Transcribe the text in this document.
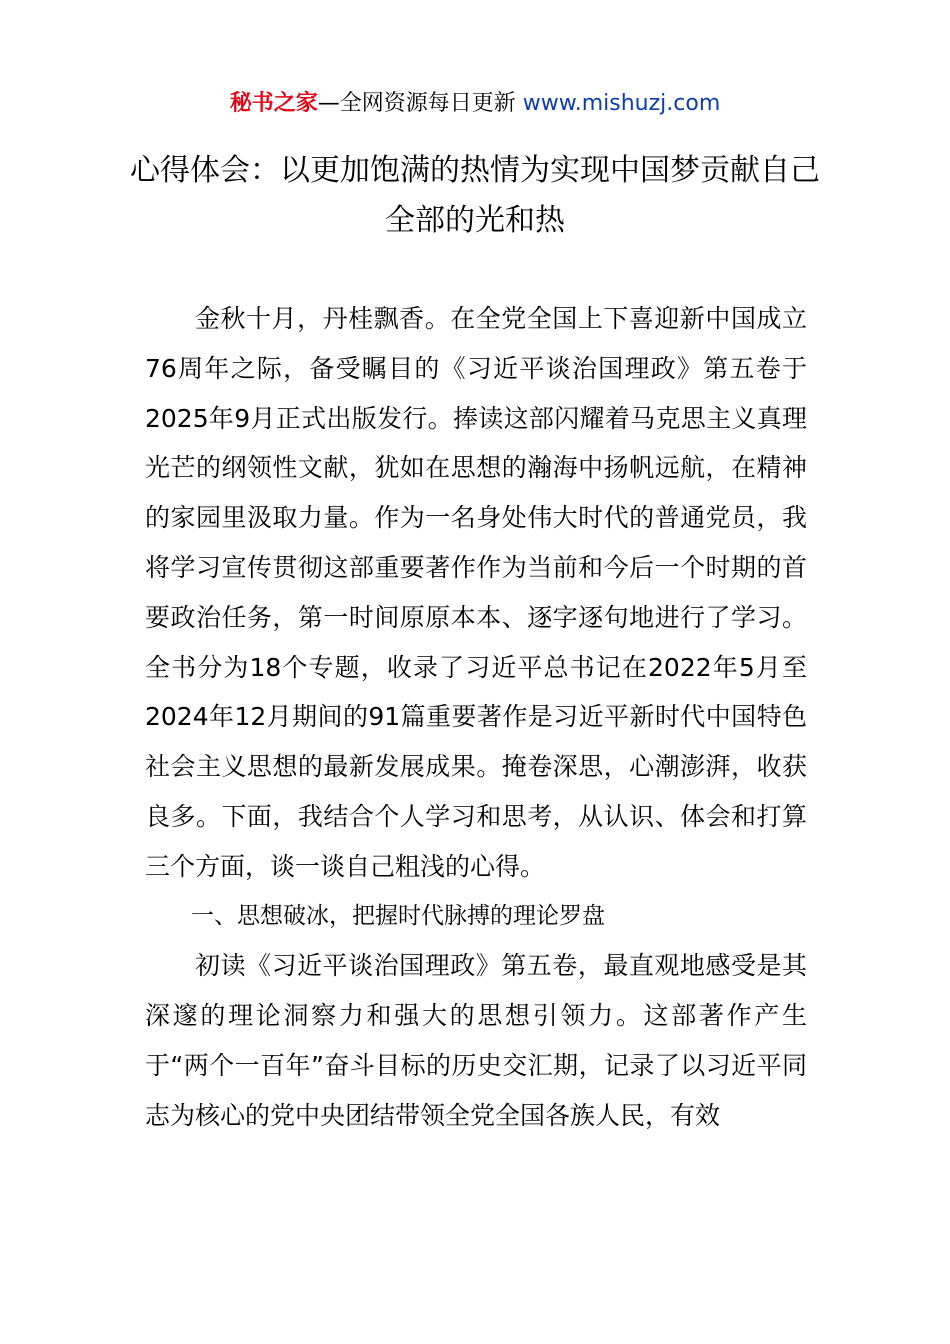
秘书之家—全网资源每日更新 www.mishuzj.com
心得体会：以更加饱满的热情为实现中国梦贡献自己全部的光和热

金秋十月，丹桂飘香。在全党全国上下喜迎新中国成立76周年之际，备受瞩目的《习近平谈治国理政》第五卷于2025年9月正式出版发行。捧读这部闪耀着马克思主义真理光芒的纲领性文献，犹如在思想的瀚海中扬帆远航，在精神的家园里汲取力量。作为一名身处伟大时代的普通党员，我将学习宣传贯彻这部重要著作作为当前和今后一个时期的首要政治任务，第一时间原原本本、逐字逐句地进行了学习。全书分为18个专题，收录了习近平总书记在2022年5月至2024年12月期间的91篇重要著作是习近平新时代中国特色社会主义思想的最新发展成果。掩卷深思，心潮澎湃，收获良多。下面，我结合个人学习和思考，从认识、体会和打算三个方面，谈一谈自己粗浅的心得。

一、思想破冰，把握时代脉搏的理论罗盘

初读《习近平谈治国理政》第五卷，最直观地感受是其深邃的理论洞察力和强大的思想引领力。这部著作产生于“两个一百年”奋斗目标的历史交汇期，记录了以习近平同志为核心的党中央团结带领全党全国各族人民，有效
